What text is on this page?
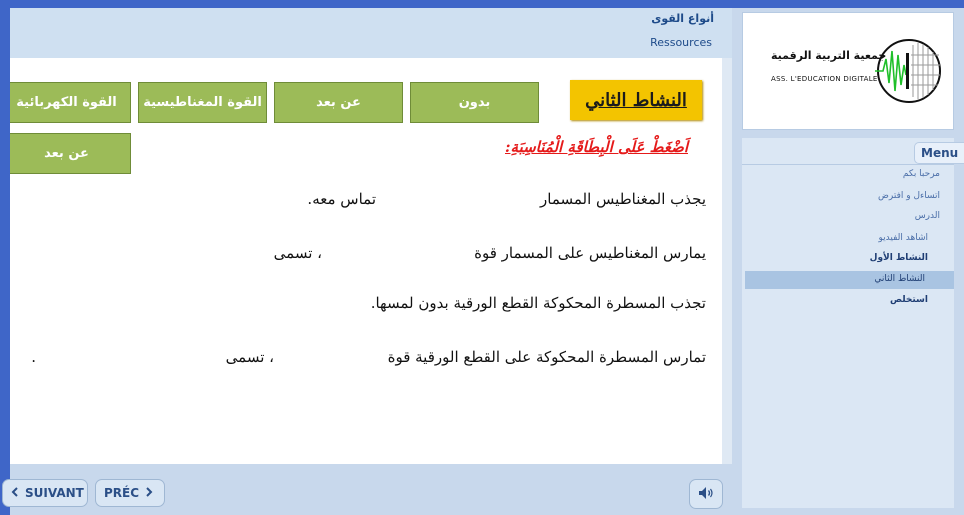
أنواع القوى
Ressources
النشاط الثاني
بدون
عن بعد
القوة المغناطيسية
القوة الكهربائية
عن بعد	اَضْغَطْ عَلَى الْبِطَاقَةِ الْمُنَاسِبَةِ:
يجذب المغناطيس المسمار
تماس معه.
يمارس المغناطيس على المسمار قوة
، تسمى
تجذب المسطرة المحكوكة القطع الورقية بدون لمسها.
تمارس المسطرة المحكوكة على القطع الورقية قوة
، تسمى
.
SUIVANT PRÉC
جمعية التربية الرقمية
ASS. L'EDUCATION DIGITALE
Menu
مرحبا بكم
اتساءل و افترض
الدرس
اشاهد الفيديو
النشاط الأول
النشاط الثاني
استخلص
